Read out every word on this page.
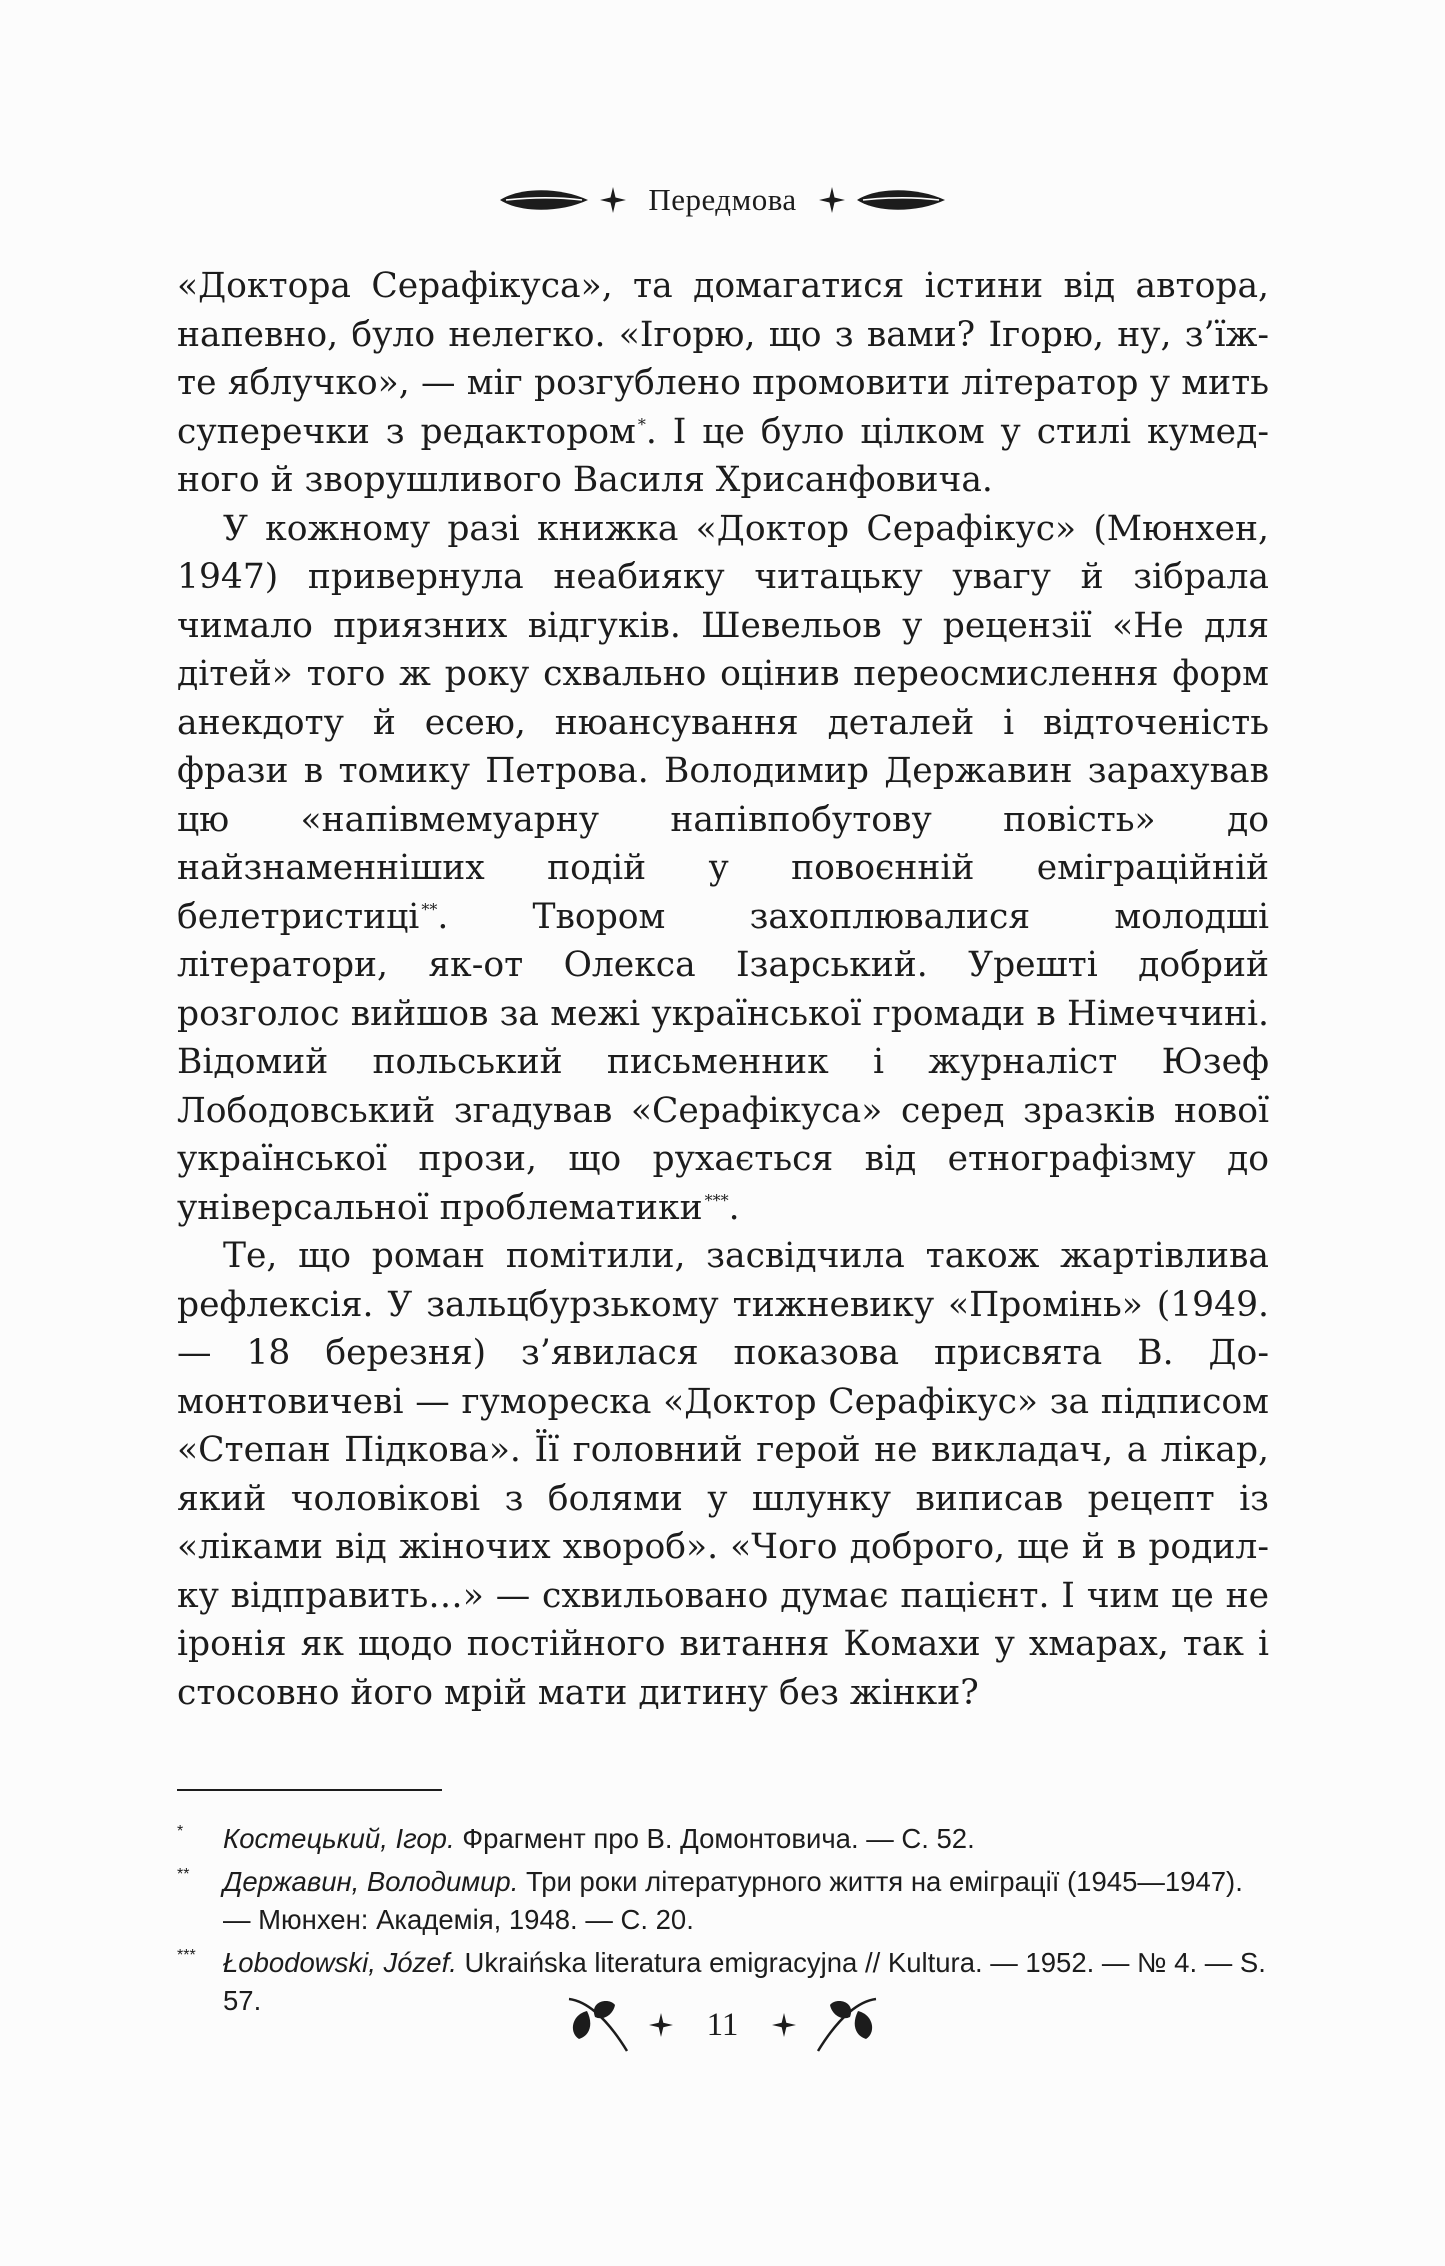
Передмова

«Доктора Серафікуса», та домагатися істини від автора, напевно, було нелегко. «Ігорю, що з вами? Ігорю, ну, з’їжте яблучко», — міг розгублено промовити літератор у мить суперечки з редактором *. І це було цілком у стилі кумедного й зворушливого Василя Хрисанфовича.

У кожному разі книжка «Доктор Серафікус» (Мюнхен, 1947) привернула неабияку читацьку увагу й зібрала чимало приязних відгуків. Шевельов у рецензії «Не для дітей» того ж року схвально оцінив переосмислення форм анекдоту й есею, нюансування деталей і відточеність фрази в томику Петрова. Володимир Державин зарахував цю «напівмемуарну напівпобутову повість» до найзнаменніших подій у повоєнній еміграційній белетристиці **. Твором захоплювалися молодші літератори, як-от Олекса Ізарський. Урешті добрий розголос вийшов за межі української громади в Німеччині. Відомий польський письменник і журналіст Юзеф Лободовський згадував «Серафікуса» серед зразків нової української прози, що рухається від етнографізму до універсальної проблематики ***.

Те, що роман помітили, засвідчила також жартівлива рефлексія. У зальцбурзькому тижневику «Промінь» (1949. — 18 березня) з’явилася показова присвята В. Домонтовичеві — гумореска «Доктор Серафікус» за підписом «Степан Підкова». Її головний герой не викладач, а лікар, який чоловікові з болями у шлунку виписав рецепт із «ліками від жіночих хвороб». «Чого доброго, ще й в родилку відправить…» — схвильовано думає пацієнт. І чим це не іронія як щодо постійного витання Комахи у хмарах, так і стосовно його мрій мати дитину без жінки?

*	Костецький, Ігор. Фрагмент про В. Домонтовича. — С. 52.
**	Державин, Володимир. Три роки літературного життя на еміграції (1945—1947). — Мюнхен: Академія, 1948. — С. 20.
*** Łobodowski, Józef. Ukraińska literatura emigracyjna // Kultura. — 1952. — № 4. — S. 57.
11
